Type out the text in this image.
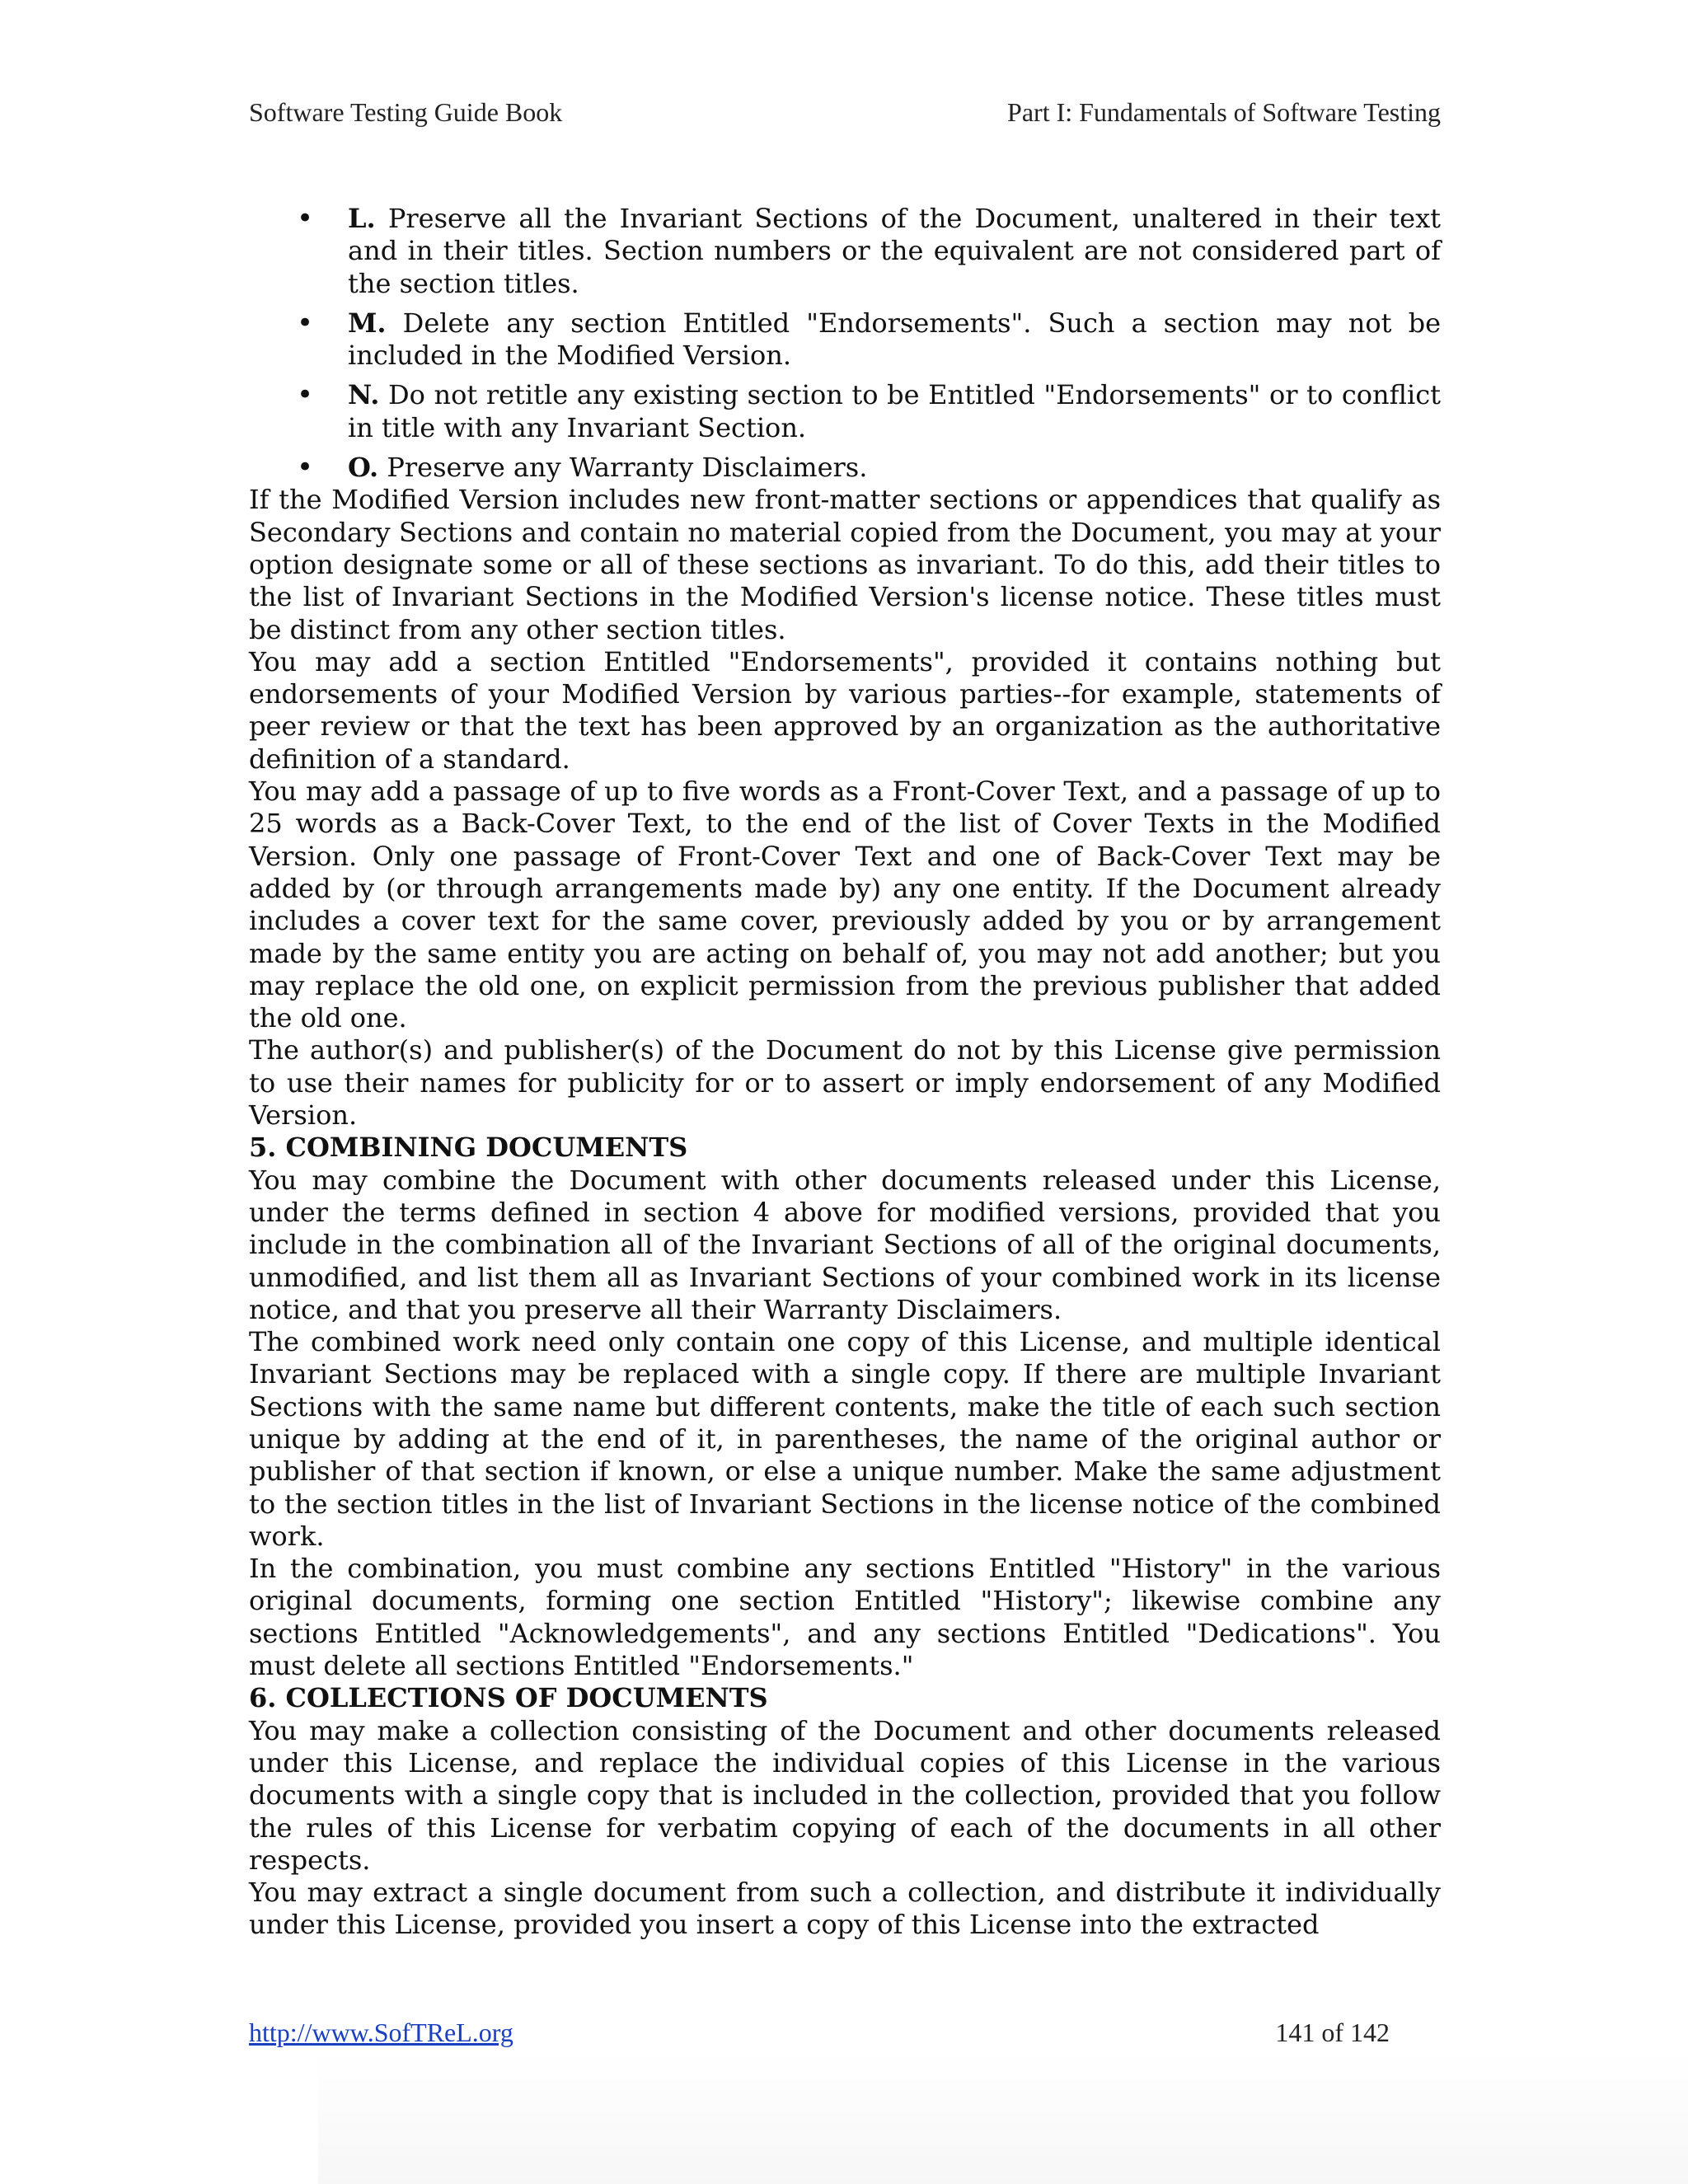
Software Testing Guide Book	Part I: Fundamentals of Software Testing
• L. Preserve all the Invariant Sections of the Document, unaltered in their text and in their titles. Section numbers or the equivalent are not considered part of the section titles.
• M. Delete any section Entitled "Endorsements". Such a section may not be included in the Modified Version.
• N. Do not retitle any existing section to be Entitled "Endorsements" or to conflict in title with any Invariant Section.
• O. Preserve any Warranty Disclaimers.

If the Modified Version includes new front-matter sections or appendices that qualify as Secondary Sections and contain no material copied from the Document, you may at your option designate some or all of these sections as invariant. To do this, add their titles to the list of Invariant Sections in the Modified Version's license notice. These titles must be distinct from any other section titles.

You may add a section Entitled "Endorsements", provided it contains nothing but endorsements of your Modified Version by various parties--for example, statements of peer review or that the text has been approved by an organization as the authoritative definition of a standard.

You may add a passage of up to five words as a Front-Cover Text, and a passage of up to 25 words as a Back-Cover Text, to the end of the list of Cover Texts in the Modified Version. Only one passage of Front-Cover Text and one of Back-Cover Text may be added by (or through arrangements made by) any one entity. If the Document already includes a cover text for the same cover, previously added by you or by arrangement made by the same entity you are acting on behalf of, you may not add another; but you may replace the old one, on explicit permission from the previous publisher that added the old one.

The author(s) and publisher(s) of the Document do not by this License give permission to use their names for publicity for or to assert or imply endorsement of any Modified Version.

5. COMBINING DOCUMENTS

You may combine the Document with other documents released under this License, under the terms defined in section 4 above for modified versions, provided that you include in the combination all of the Invariant Sections of all of the original documents, unmodified, and list them all as Invariant Sections of your combined work in its license notice, and that you preserve all their Warranty Disclaimers.

The combined work need only contain one copy of this License, and multiple identical Invariant Sections may be replaced with a single copy. If there are multiple Invariant Sections with the same name but different contents, make the title of each such section unique by adding at the end of it, in parentheses, the name of the original author or publisher of that section if known, or else a unique number. Make the same adjustment to the section titles in the list of Invariant Sections in the license notice of the combined work.

In the combination, you must combine any sections Entitled "History" in the various original documents, forming one section Entitled "History"; likewise combine any sections Entitled "Acknowledgements", and any sections Entitled "Dedications". You must delete all sections Entitled "Endorsements."

6. COLLECTIONS OF DOCUMENTS

You may make a collection consisting of the Document and other documents released under this License, and replace the individual copies of this License in the various documents with a single copy that is included in the collection, provided that you follow the rules of this License for verbatim copying of each of the documents in all other respects.

You may extract a single document from such a collection, and distribute it individually under this License, provided you insert a copy of this License into the extracted

http://www.SofTReL.org	141 of 142
